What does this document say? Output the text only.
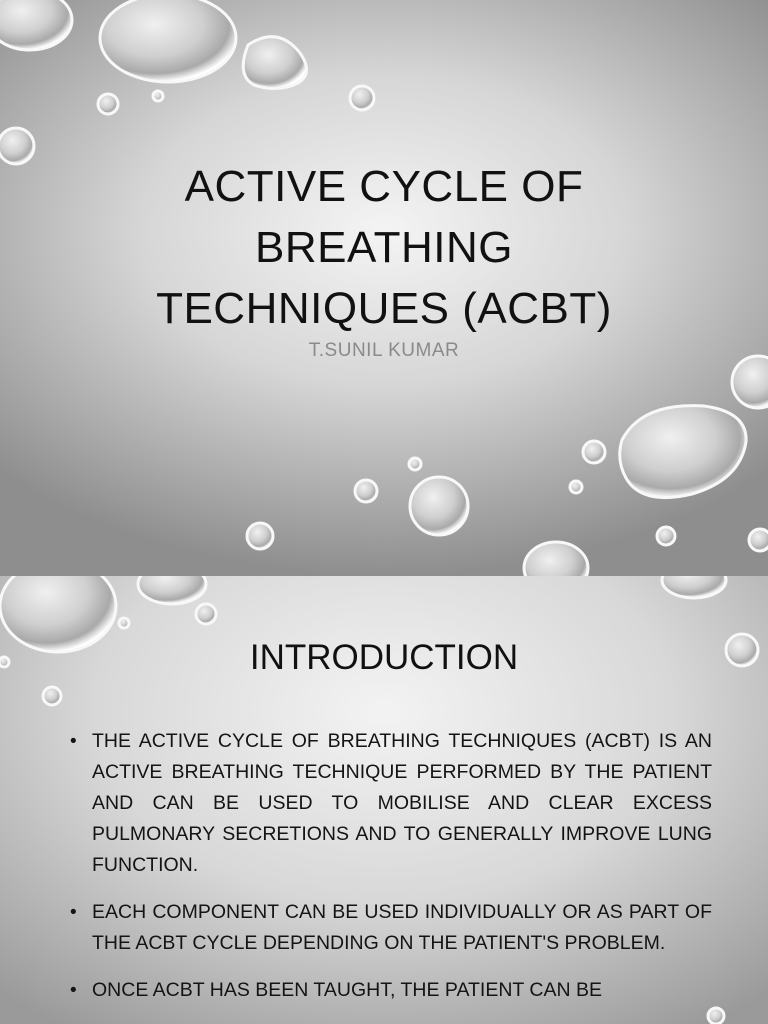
ACTIVE CYCLE OF
BREATHING
TECHNIQUES (ACBT)
T.SUNIL KUMAR
INTRODUCTION
• THE ACTIVE CYCLE OF BREATHING TECHNIQUES (ACBT) IS AN ACTIVE BREATHING TECHNIQUE PERFORMED BY THE PATIENT AND CAN BE USED TO MOBILISE AND CLEAR EXCESS PULMONARY SECRETIONS AND TO GENERALLY IMPROVE LUNG FUNCTION.
• EACH COMPONENT CAN BE USED INDIVIDUALLY OR AS PART OF THE ACBT CYCLE DEPENDING ON THE PATIENT'S PROBLEM.
• ONCE ACBT HAS BEEN TAUGHT, THE PATIENT CAN BE
